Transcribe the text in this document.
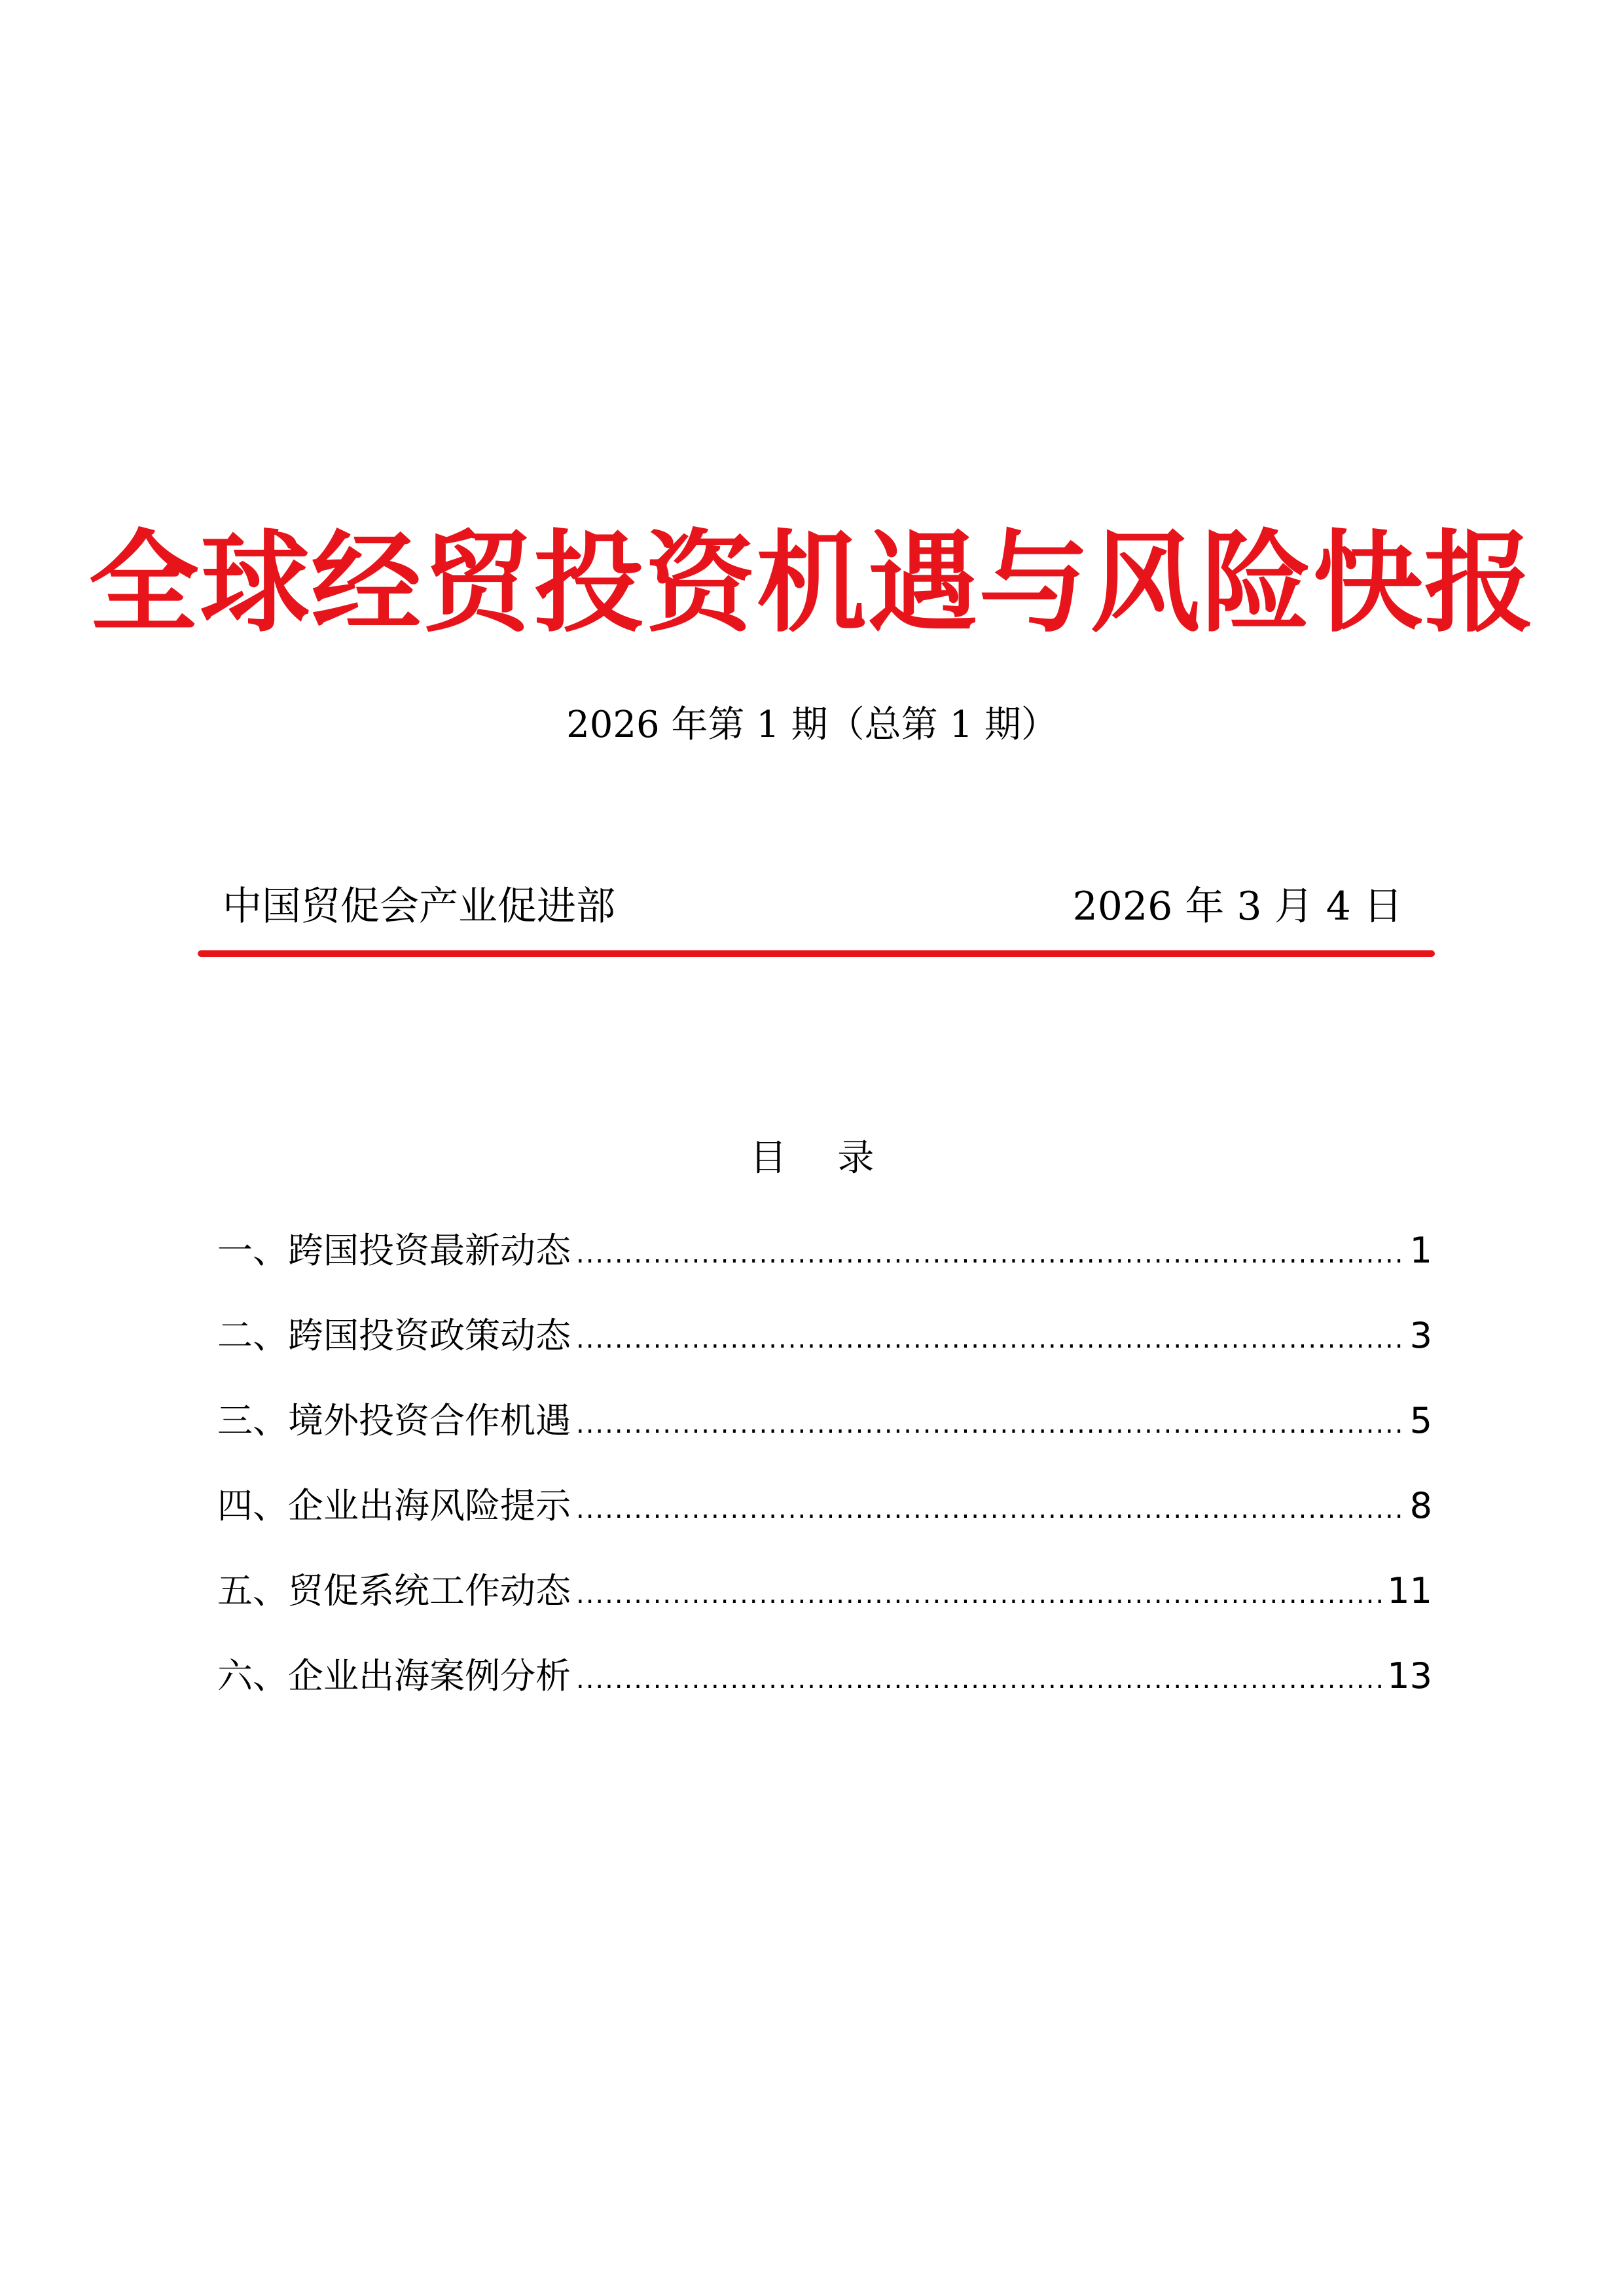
全球经贸投资机遇与风险快报
2026 年第 1 期（总第 1 期）
中国贸促会产业促进部	2026 年 3 月 4 日
目 录
一、跨国投资最新动态 .....	1
二、跨国投资政策动态 .....	3
三、境外投资合作机遇 .....	5
四、企业出海风险提示 .....	8
五、贸促系统工作动态 .....	11
六、企业出海案例分析 .....	13
